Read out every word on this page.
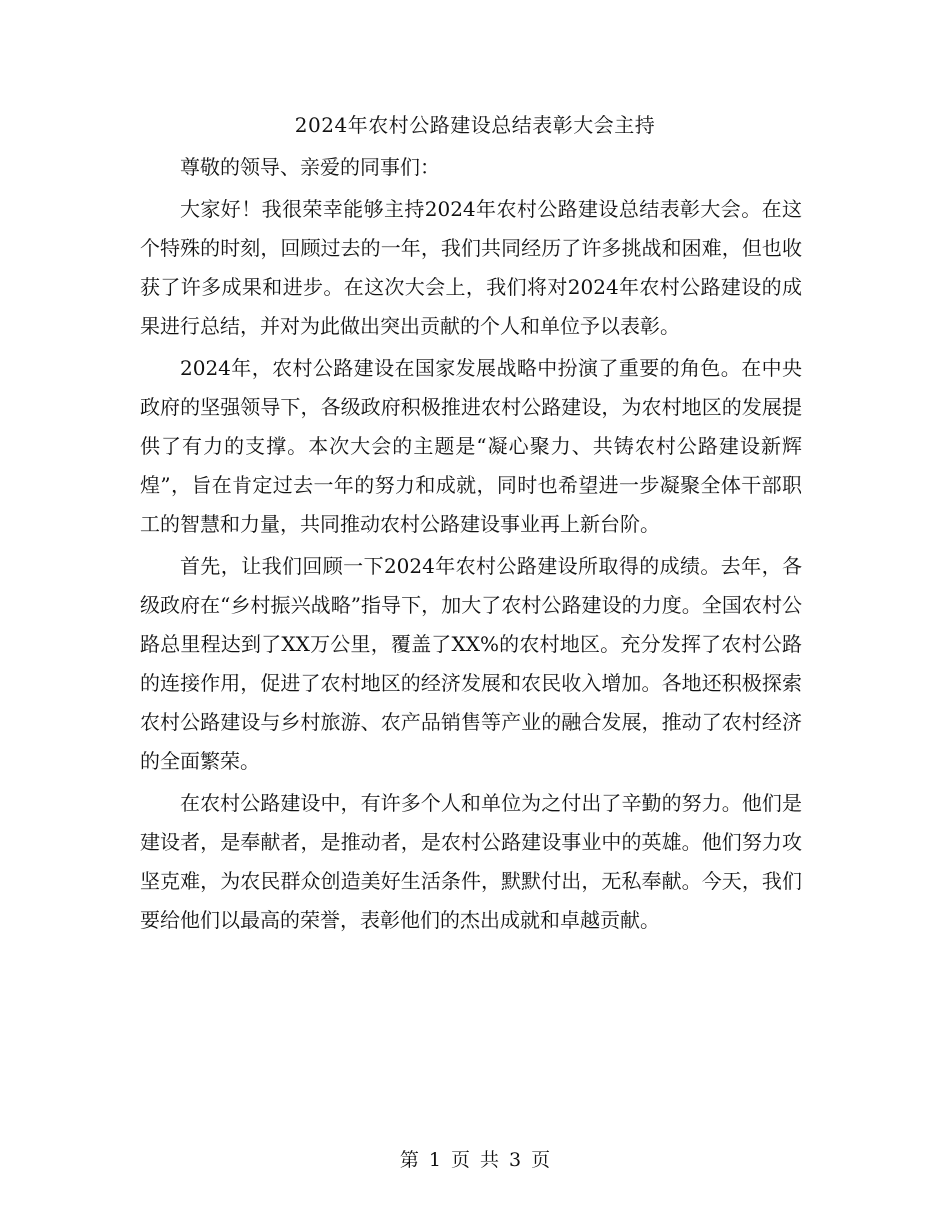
2024年农村公路建设总结表彰大会主持

尊敬的领导、亲爱的同事们：

大家好！我很荣幸能够主持2024年农村公路建设总结表彰大会。在这个特殊的时刻，回顾过去的一年，我们共同经历了许多挑战和困难，但也收获了许多成果和进步。在这次大会上，我们将对2024年农村公路建设的成果进行总结，并对为此做出突出贡献的个人和单位予以表彰。

2024年，农村公路建设在国家发展战略中扮演了重要的角色。在中央政府的坚强领导下，各级政府积极推进农村公路建设，为农村地区的发展提供了有力的支撑。本次大会的主题是“凝心聚力、共铸农村公路建设新辉煌”，旨在肯定过去一年的努力和成就，同时也希望进一步凝聚全体干部职工的智慧和力量，共同推动农村公路建设事业再上新台阶。

首先，让我们回顾一下2024年农村公路建设所取得的成绩。去年，各级政府在“乡村振兴战略”指导下，加大了农村公路建设的力度。全国农村公路总里程达到了XX万公里，覆盖了XX%的农村地区。充分发挥了农村公路的连接作用，促进了农村地区的经济发展和农民收入增加。各地还积极探索农村公路建设与乡村旅游、农产品销售等产业的融合发展，推动了农村经济的全面繁荣。

在农村公路建设中，有许多个人和单位为之付出了辛勤的努力。他们是建设者，是奉献者，是推动者，是农村公路建设事业中的英雄。他们努力攻坚克难，为农民群众创造美好生活条件，默默付出，无私奉献。今天，我们要给他们以最高的荣誉，表彰他们的杰出成就和卓越贡献。

第 1 页 共 3 页
